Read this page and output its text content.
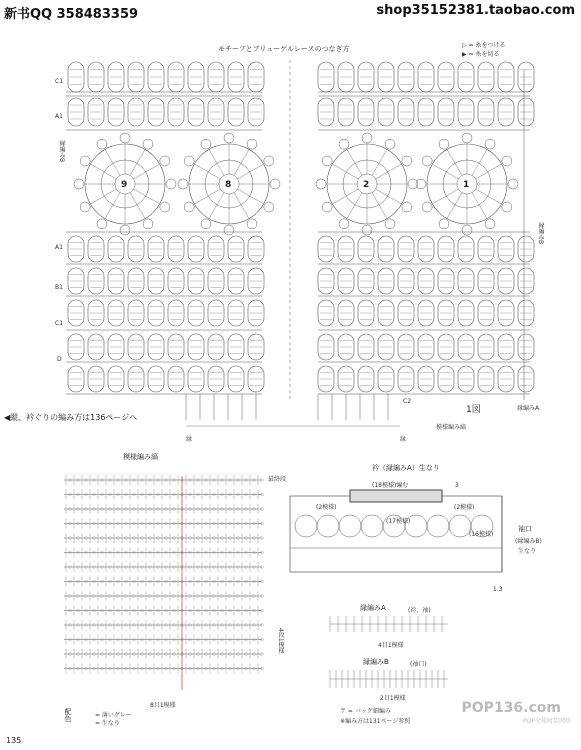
新书QQ 358483359	shop35152381.taobao.com
モチーフとブリューゲルレースのつなぎ方	▷ = 糸をつける
▶ = 糸を切る
C1
A1
A1
B1
C1
D
C2
縁編みB
縁編みB
◀縦、衿ぐりの編み方は136ページへ
1図	縁編みA
縁	縁
模様編み縞
模様編み縞
最終段
4段1模様
8目1模様
配色	= 薄いグレー
= 生なり
衿（縁編みA）生なり
(18模様)編む
(2模様)	(2模様)
(17模様)
(16模様)
袖口
(縁編みB)
生なり
3
1.3
縁編みA	(衿、袖)
4目1模様
縁編みB	(袖口)
2目1模様
〒 = バック細編み
※編み方は131ページ参照
135
POP136.com
POP全球时装网络
9	8	2	1
